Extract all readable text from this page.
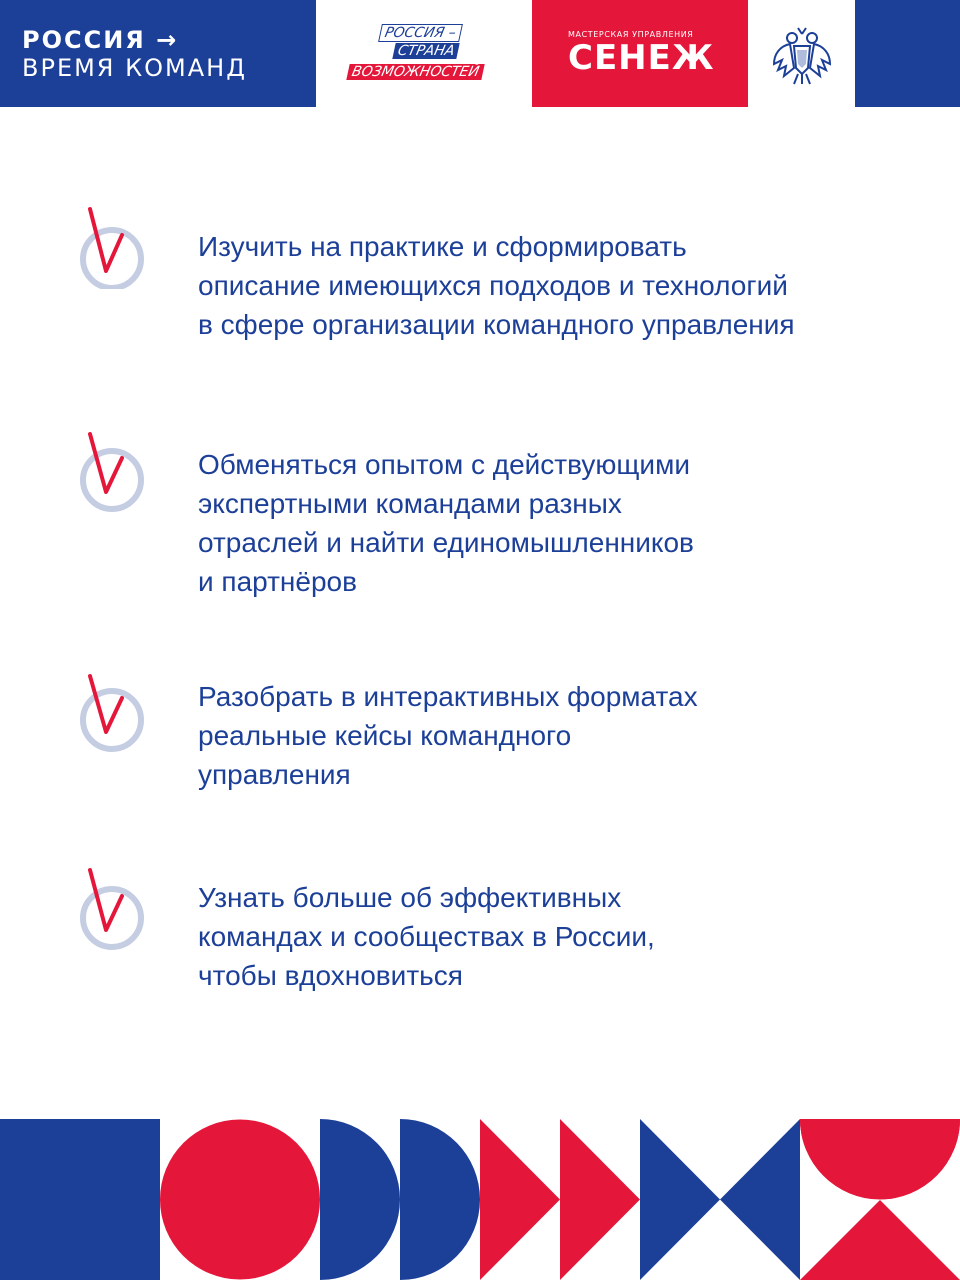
РОССИЯ →
ВРЕМЯ КОМАНД
РОССИЯ –
СТРАНА
ВОЗМОЖНОСТЕЙ
МАСТЕРСКАЯ УПРАВЛЕНИЯ
СЕНЕЖ
Изучить на практике и сформировать
описание имеющихся подходов и технологий
в сфере организации командного управления
Обменяться опытом с действующими
экспертными командами разных
отраслей и найти единомышленников
и партнёров
Разобрать в интерактивных форматах
реальные кейсы командного
управления
Узнать больше об эффективных
командах и сообществах в России,
чтобы вдохновиться
